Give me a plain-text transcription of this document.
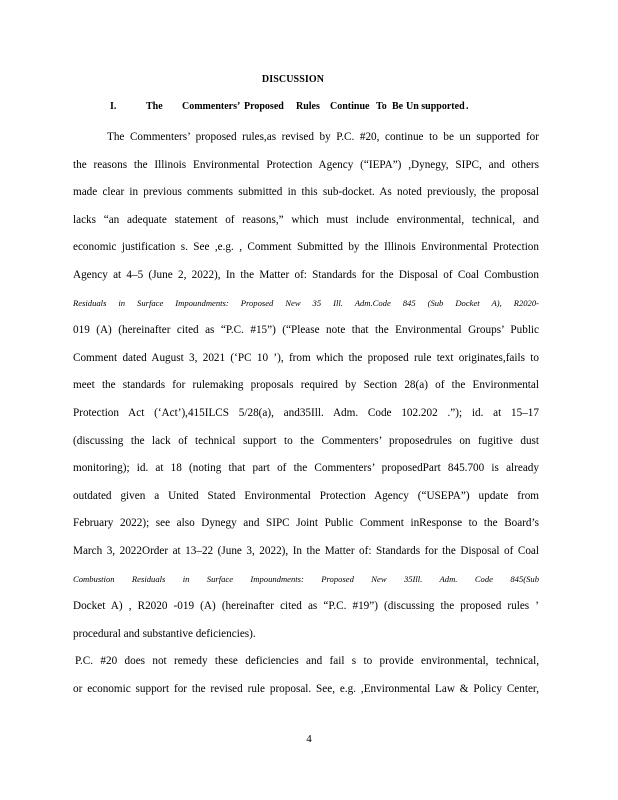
DISCUSSION
I.	The Commenters’ Proposed Rules Continue To Be Un supported.
The Commenters’ proposed rules,as revised by P.C. #20, continue to be un supported for
the reasons the Illinois Environmental Protection Agency (“IEPA”) ,Dynegy, SIPC, and others
made clear in previous comments submitted in this sub-docket. As noted previously, the proposal
lacks “an adequate statement of reasons,” which must include environmental, technical, and
economic justification s. See ,e.g. , Comment Submitted by the Illinois Environmental Protection
Agency at 4–5 (June 2, 2022), In the Matter of: Standards for the Disposal of Coal Combustion
Residuals in Surface Impoundments: Proposed New 35 Ill. Adm.Code 845 (Sub Docket A), R2020-
019 (A) (hereinafter cited as “P.C. #15”) (“Please note that the Environmental Groups’ Public
Comment dated August 3, 2021 (‘PC 10 ’), from which the proposed rule text originates,fails to
meet the standards for rulemaking proposals required by Section 28(a) of the Environmental
Protection Act (‘Act’),415ILCS 5/28(a), and35Ill. Adm. Code 102.202 .”); id. at 15–17
(discussing the lack of technical support to the Commenters’ proposedrules on fugitive dust
monitoring); id. at 18 (noting that part of the Commenters’ proposedPart 845.700 is already
outdated given a United Stated Environmental Protection Agency (“USEPA”) update from
February 2022); see also Dynegy and SIPC Joint Public Comment inResponse to the Board’s
March 3, 2022Order at 13–22 (June 3, 2022), In the Matter of: Standards for the Disposal of Coal
Combustion Residuals in Surface Impoundments: Proposed New 35Ill. Adm. Code 845(Sub
Docket A) , R2020 -019 (A) (hereinafter cited as “P.C. #19”) (discussing the proposed rules ’
procedural and substantive deficiencies).
P.C. #20 does not remedy these deficiencies and fail s to provide environmental, technical,
or economic support for the revised rule proposal. See, e.g. ,Environmental Law & Policy Center,
4
